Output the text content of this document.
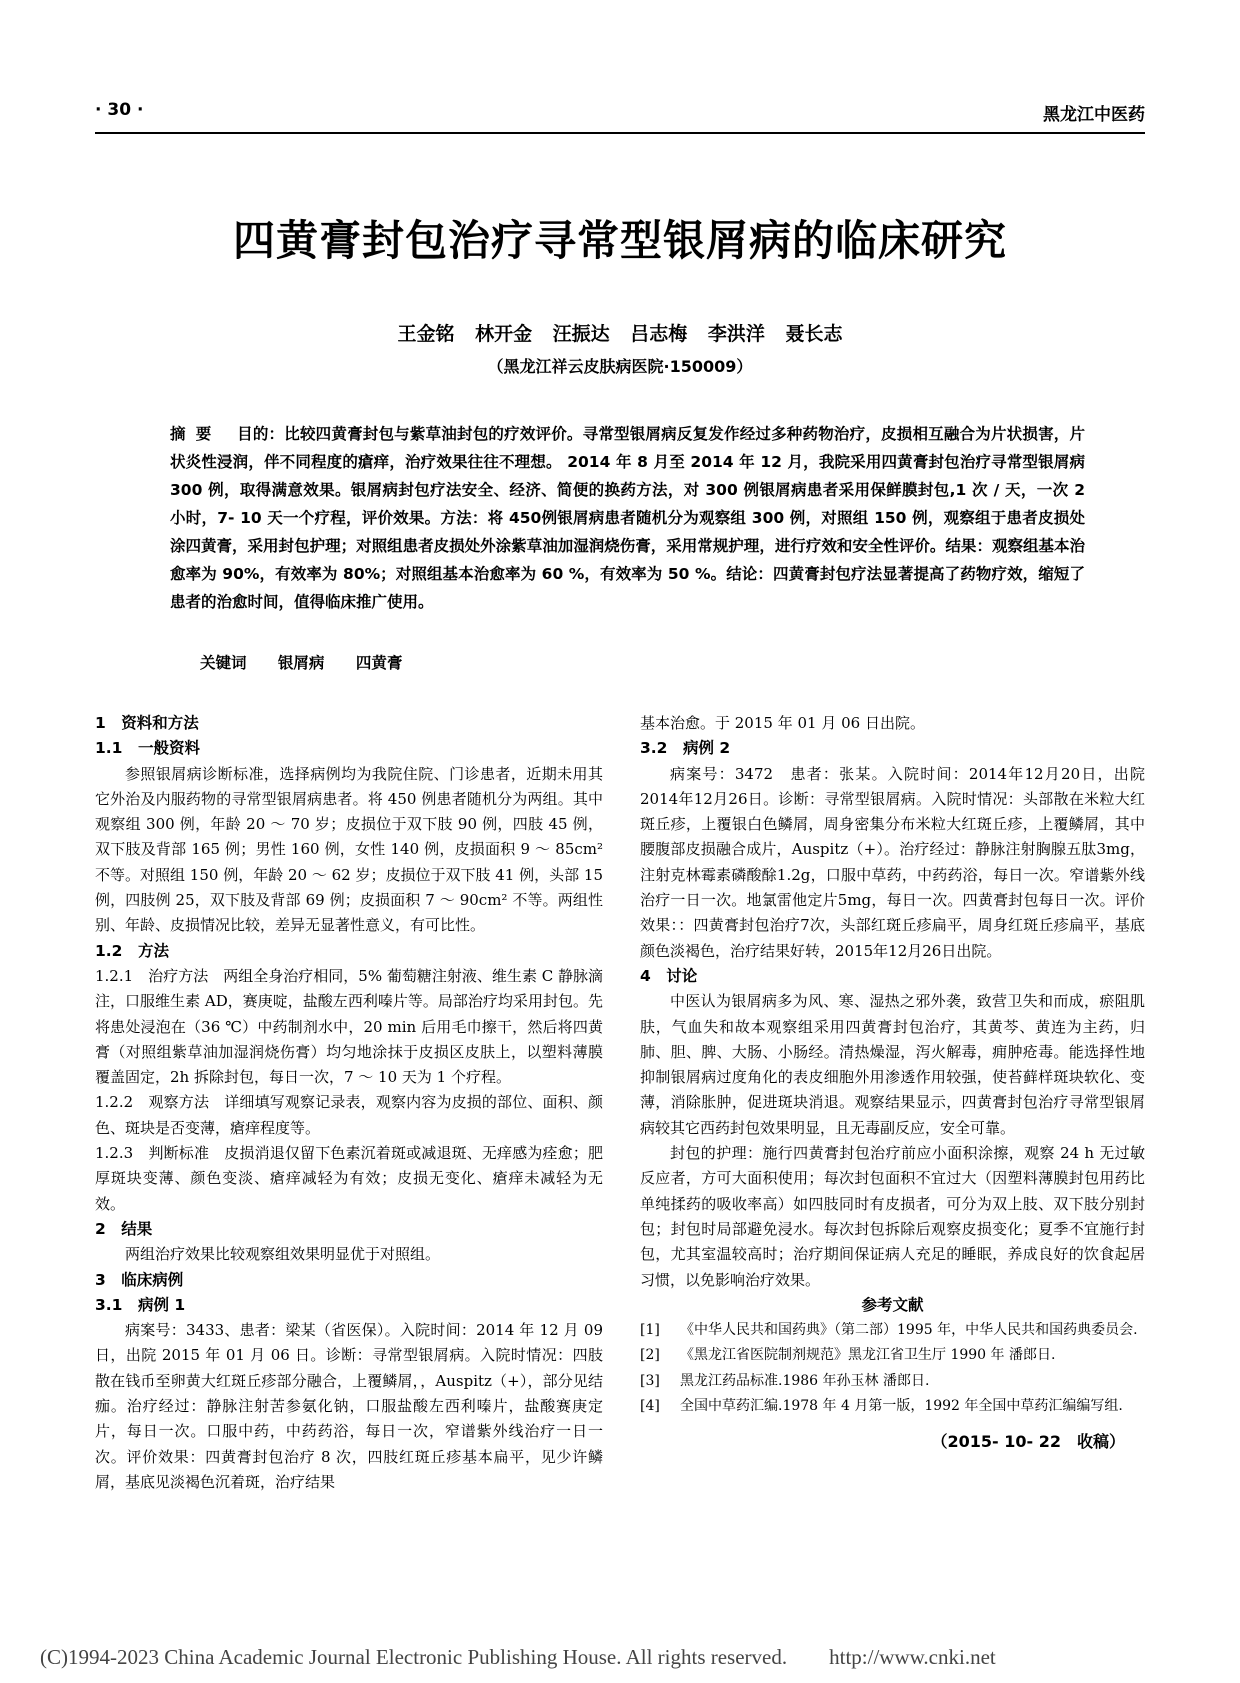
· 30 ·	黑龙江中医药
四黄膏封包治疗寻常型银屑病的临床研究
王金铭 林开金 汪振达 吕志梅 李洪洋 聂长志
（黑龙江祥云皮肤病医院·150009）

摘要　 目的：比较四黄膏封包与紫草油封包的疗效评价。寻常型银屑病反复发作经过多种药物治疗，皮损相互融合为片状损害，片状炎性浸润，伴不同程度的瘡痒，治疗效果往往不理想。 2014 年 8 月至 2014 年 12 月，我院采用四黄膏封包治疗寻常型银屑病 300 例，取得满意效果。银屑病封包疗法安全、经济、简便的换药方法，对 300 例银屑病患者采用保鲜膜封包,1 次 / 天，一次 2 小时，7- 10 天一个疗程，评价效果。方法：将 450例银屑病患者随机分为观察组 300 例，对照组 150 例，观察组于患者皮损处涂四黄膏，采用封包护理；对照组患者皮损处外涂紫草油加湿润烧伤膏，采用常规护理，进行疗效和安全性评价。结果：观察组基本治愈率为 90%，有效率为 80%；对照组基本治愈率为 60 %，有效率为 50 %。结论：四黄膏封包疗法显著提高了药物疗效，缩短了患者的治愈时间，值得临床推广使用。

关键词 银屑病 四黄膏
1　资料和方法
1.1　一般资料

参照银屑病诊断标准，选择病例均为我院住院、门诊患者，近期未用其它外治及内服药物的寻常型银屑病患者。将 450 例患者随机分为两组。其中观察组 300 例，年龄 20 ～ 70 岁；皮损位于双下肢 90 例，四肢 45 例，双下肢及背部 165 例；男性 160 例，女性 140 例，皮损面积 9 ～ 85cm² 不等。对照组 150 例，年龄 20 ～ 62 岁；皮损位于双下肢 41 例，头部 15 例，四肢例 25，双下肢及背部 69 例；皮损面积 7 ～ 90cm² 不等。两组性别、年龄、皮损情况比较，差异无显著性意义，有可比性。

1.2　方法

1.2.1　治疗方法　两组全身治疗相同，5% 葡萄糖注射液、维生素 C 静脉滴注，口服维生素 AD，赛庚啶，盐酸左西利嗪片等。局部治疗均采用封包。先将患处浸泡在（36 ℃）中药制剂水中，20 min 后用毛巾擦干，然后将四黄膏（对照组紫草油加湿润烧伤膏）均匀地涂抹于皮损区皮肤上，以塑料薄膜覆盖固定，2h 拆除封包，每日一次，7 ～ 10 天为 1 个疗程。

1.2.2　观察方法　详细填写观察记录表，观察内容为皮损的部位、面积、颜色、斑块是否变薄，瘡痒程度等。

1.2.3　判断标准　皮损消退仅留下色素沉着斑或减退斑、无痒感为痊愈；肥厚斑块变薄、颜色变淡、瘡痒减轻为有效；皮损无变化、瘡痒未减轻为无效。

2　结果

两组治疗效果比较观察组效果明显优于对照组。

3　临床病例
3.1　病例 1

病案号：3433、患者：梁某（省医保）。入院时间：2014 年 12 月 09 日，出院 2015 年 01 月 06 日。诊断：寻常型银屑病。入院时情况：四肢散在钱币至卵黄大红斑丘疹部分融合，上覆鳞屑，，Auspitz（+），部分见结痂。治疗经过：静脉注射苦参氨化钠，口服盐酸左西利嗪片，盐酸赛庚定片，每日一次。口服中药，中药药浴，每日一次，窄谱紫外线治疗一日一次。评价效果：四黄膏封包治疗 8 次，四肢红斑丘疹基本扁平，见少许鳞屑，基底见淡褐色沉着斑，治疗结果

基本治愈。于 2015 年 01 月 06 日出院。

3.2　病例 2

病案号：3472　患者：张某。入院时间：2014年12月20日，出院2014年12月26日。诊断：寻常型银屑病。入院时情况：头部散在米粒大红斑丘疹，上覆银白色鳞屑，周身密集分布米粒大红斑丘疹，上覆鳞屑，其中腰腹部皮损融合成片，Auspitz（+）。治疗经过：静脉注射胸腺五肽3mg，注射克林霉素磷酸酴1.2g，口服中草药，中药药浴，每日一次。窄谱紫外线治疗一日一次。地氯雷他定片5mg，每日一次。四黄膏封包每日一次。评价效果：：四黄膏封包治疗7次，头部红斑丘疹扁平，周身红斑丘疹扁平，基底颜色淡褐色，治疗结果好转，2015年12月26日出院。

4　讨论

中医认为银屑病多为风、寒、湿热之邪外袭，致营卫失和而成，瘀阻肌肤，气血失和故本观察组采用四黄膏封包治疗，其黄芩、黄连为主药，归肺、胆、脾、大肠、小肠经。清热燥湿，泻火解毒，痈肿疮毒。能选择性地抑制银屑病过度角化的表皮细胞外用渗透作用较强，使苔藓样斑块软化、变薄，消除胀肿，促进斑块消退。观察结果显示，四黄膏封包治疗寻常型银屑病较其它西药封包效果明显，且无毒副反应，安全可靠。

封包的护理：施行四黄膏封包治疗前应小面积涂擦，观察 24 h 无过敏反应者，方可大面积使用；每次封包面积不宜过大（因塑料薄膜封包用药比单纯揉药的吸收率高）如四肢同时有皮损者，可分为双上肢、双下肢分别封包；封包时局部避免浸水。每次封包拆除后观察皮损变化；夏季不宜施行封包，尤其室温较高时；治疗期间保证病人充足的睡眠，养成良好的饮食起居习惯，以免影响治疗效果。

参考文献
[1]	《中华人民共和国药典》（第二部）1995 年，中华人民共和国药典委员会.
[2]	《黑龙江省医院制剂规范》黑龙江省卫生厅 1990 年 潘郎日.
[3]	黑龙江药品标准.1986 年孙玉林 潘郎日.
[4]	全国中草药汇编.1978 年 4 月第一版，1992 年全国中草药汇编编写组.
（2015- 10- 22　收稿）
(C)1994-2023 China Academic Journal Electronic Publishing House. All rights reserved.　　http://www.cnki.net
